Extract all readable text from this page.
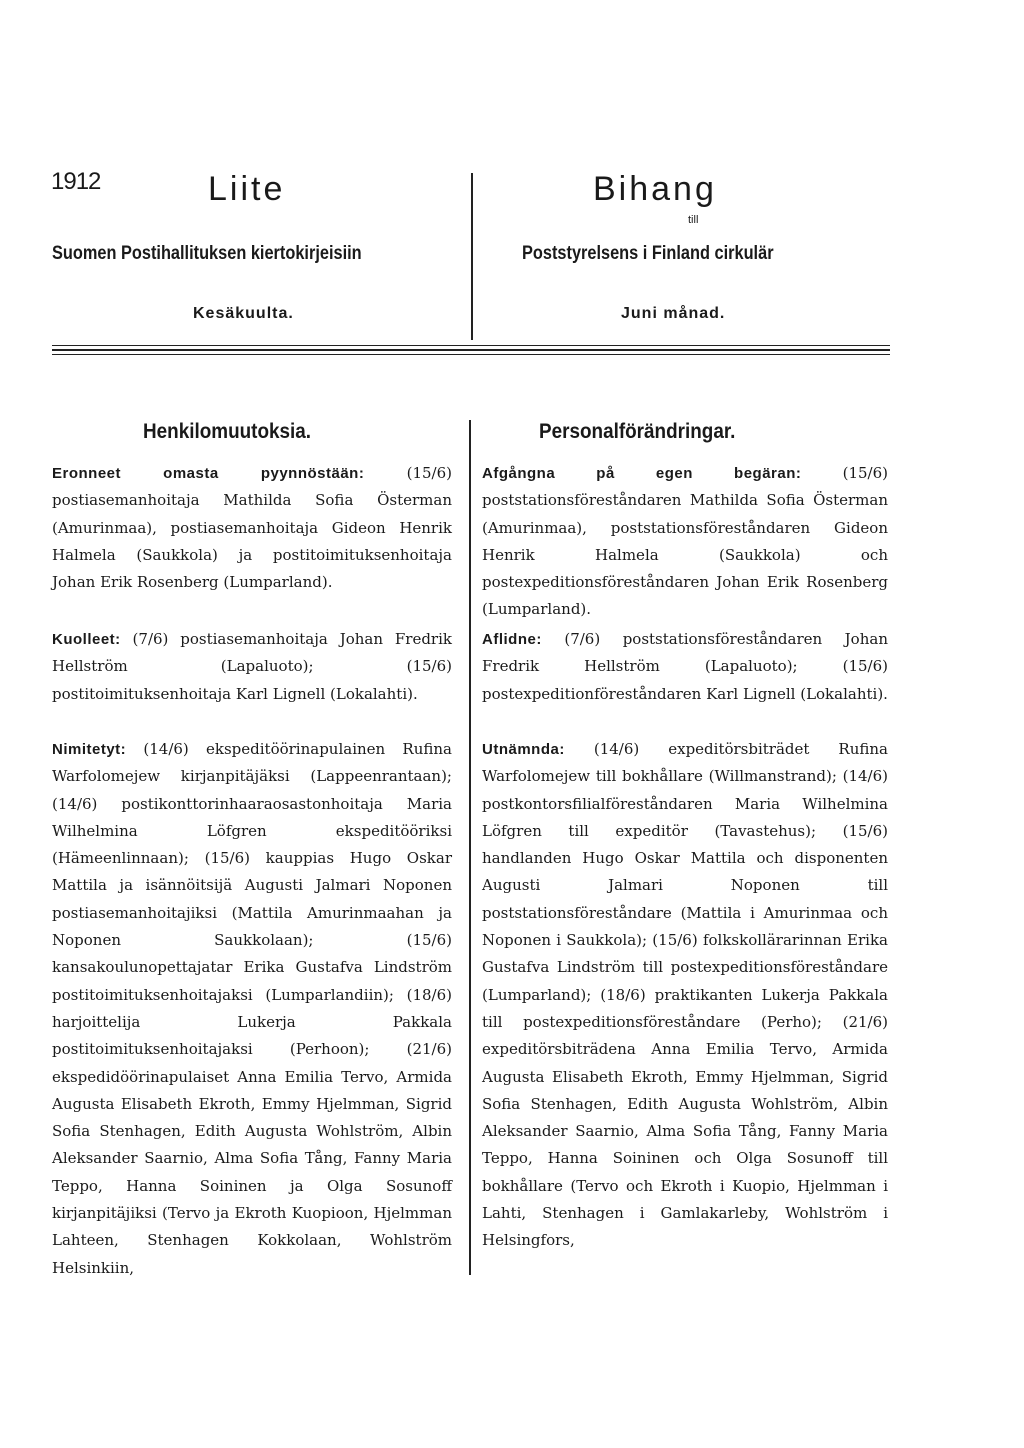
1912	Liite	Bihang
till
Suomen Postihallituksen kiertokirjeisiin	Poststyrelsens i Finland cirkulär
Kesäkuulta.	Juni månad.
Henkilomuutoksia.	Personalförändringar.

Eronneet omasta pyynnöstään:	(15/6) postiasemanhoitaja Mathilda Sofia Österman (Amurinmaa), postiasemanhoitaja Gideon Henrik Halmela (Saukkola) ja postitoimituksenhoitaja Johan Erik Rosenberg (Lumparland).

Kuolleet: (7/6) postiasemanhoitaja Johan Fredrik Hellström (Lapaluoto); (15/6) postitoimituksenhoitaja Karl Lignell (Lokalahti).

Nimitetyt: (14/6) ekspeditöörinapulainen Rufina Warfolomejew kirjanpitäjäksi (Lappeenrantaan); (14/6) postikonttorinhaaraosastonhoitaja Maria Wilhelmina Löfgren ekspeditööriksi (Hämeenlinnaan); (15/6) kauppias Hugo Oskar Mattila ja isännöitsijä Augusti Jalmari Noponen postiasemanhoitajiksi (Mattila Amurinmaahan ja Noponen Saukkolaan); (15/6) kansakoulunopettajatar Erika Gustafva Lindström postitoimituksenhoitajaksi (Lumparlandiin); (18/6) harjoittelija Lukerja Pakkala postitoimituksenhoitajaksi (Perhoon); (21/6) ekspedidöörinapulaiset Anna Emilia Tervo, Armida Augusta Elisabeth Ekroth, Emmy Hjelmman, Sigrid Sofia Stenhagen, Edith Augusta Wohlström, Albin Aleksander Saarnio, Alma Sofia Tång, Fanny Maria Teppo, Hanna Soininen ja Olga Sosunoff kirjanpitäjiksi (Tervo ja Ekroth Kuopioon, Hjelmman Lahteen, Stenhagen Kokkolaan, Wohlström Helsinkiin,

Afgångna på egen begäran:	(15/6) poststationsföreståndaren Mathilda Sofia Österman (Amurinmaa), poststationsföreståndaren Gideon Henrik Halmela (Saukkola) och postexpeditionsföreståndaren Johan Erik Rosenberg (Lumparland).

Aflidne: (7/6) poststationsföreståndaren Johan Fredrik Hellström (Lapaluoto); (15/6) postexpeditionföreståndaren Karl Lignell (Lokalahti).

Utnämnda: (14/6) expeditörsbiträdet Rufina Warfolomejew till bokhållare (Willmanstrand); (14/6) postkontorsfilialföreståndaren Maria Wilhelmina Löfgren till expeditör (Tavastehus); (15/6) handlanden Hugo Oskar Mattila och disponenten Augusti Jalmari Noponen till poststationsföreståndare (Mattila i Amurinmaa och Noponen i Saukkola); (15/6) folkskollärarinnan Erika Gustafva Lindström till postexpeditionsföreståndare (Lumparland); (18/6) praktikanten Lukerja Pakkala till postexpeditionsföreståndare (Perho); (21/6) expeditörsbiträdena Anna Emilia Tervo, Armida Augusta Elisabeth Ekroth, Emmy Hjelmman, Sigrid Sofia Stenhagen, Edith Augusta Wohlström, Albin Aleksander Saarnio, Alma Sofia Tång, Fanny Maria Teppo, Hanna Soininen och Olga Sosunoff till bokhållare (Tervo och Ekroth i Kuopio, Hjelmman i Lahti, Stenhagen i Gamlakarleby, Wohlström i Helsingfors,
